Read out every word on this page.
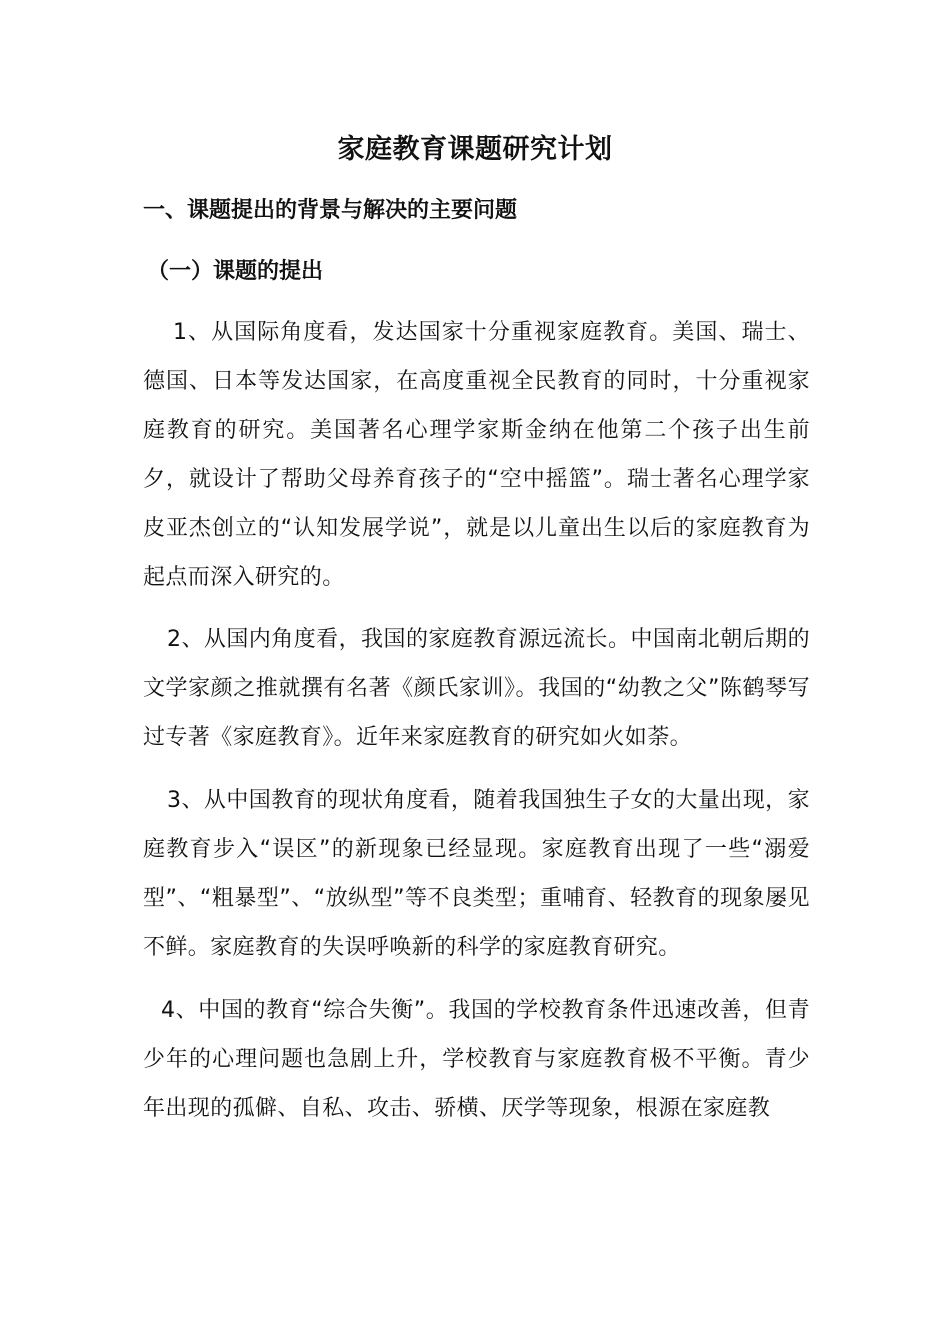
家庭教育课题研究计划
一、课题提出的背景与解决的主要问题
（一）课题的提出
1、从国际角度看，发达国家十分重视家庭教育。美国、瑞士、德国、日本等发达国家，在高度重视全民教育的同时，十分重视家庭教育的研究。美国著名心理学家斯金纳在他第二个孩子出生前夕，就设计了帮助父母养育孩子的“空中摇篮”。瑞士著名心理学家皮亚杰创立的“认知发展学说”，就是以儿童出生以后的家庭教育为起点而深入研究的。
2、从国内角度看，我国的家庭教育源远流长。中国南北朝后期的文学家颜之推就撰有名著《颜氏家训》。我国的“幼教之父”陈鹤琴写过专著《家庭教育》。近年来家庭教育的研究如火如荼。
3、从中国教育的现状角度看，随着我国独生子女的大量出现，家庭教育步入“误区”的新现象已经显现。家庭教育出现了一些“溺爱型”、“粗暴型”、“放纵型”等不良类型；重哺育、轻教育的现象屡见不鲜。家庭教育的失误呼唤新的科学的家庭教育研究。
4、中国的教育“综合失衡”。我国的学校教育条件迅速改善，但青少年的心理问题也急剧上升，学校教育与家庭教育极不平衡。青少年出现的孤僻、自私、攻击、骄横、厌学等现象，根源在家庭教
